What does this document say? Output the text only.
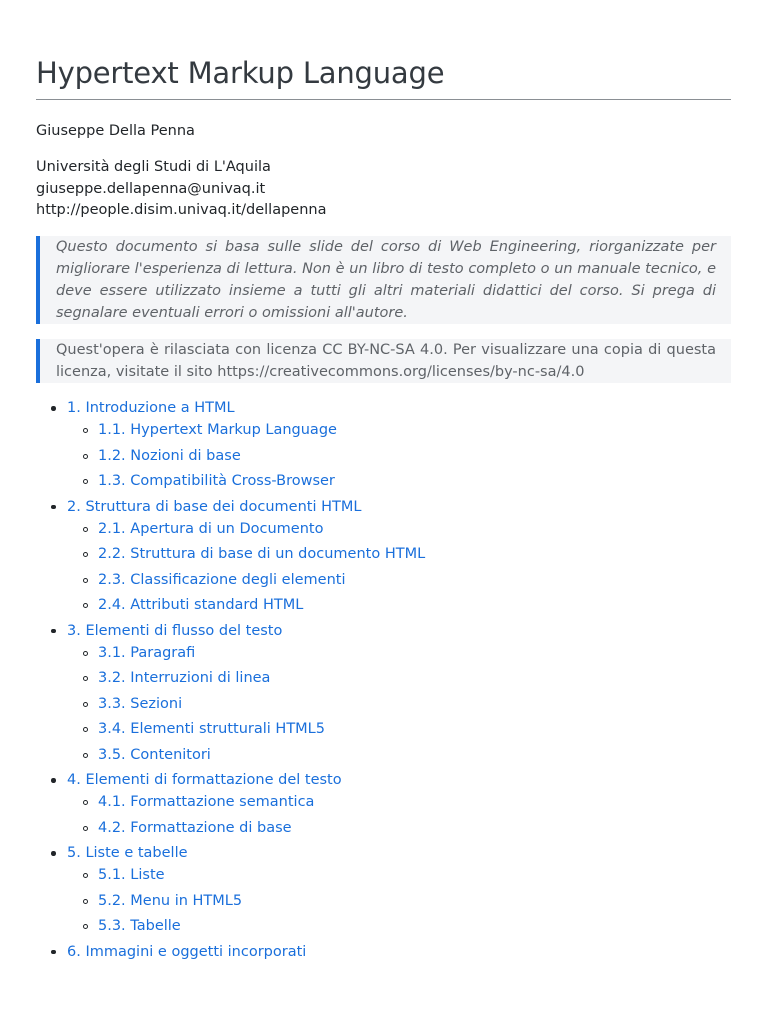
Hypertext Markup Language
Giuseppe Della Penna
Università degli Studi di L'Aquila
giuseppe.dellapenna@univaq.it
http://people.disim.univaq.it/dellapenna
Questo documento si basa sulle slide del corso di Web Engineering, riorganizzate per migliorare l'esperienza di lettura. Non è un libro di testo completo o un manuale tecnico, e deve essere utilizzato insieme a tutti gli altri materiali didattici del corso. Si prega di segnalare eventuali errori o omissioni all'autore.
Quest'opera è rilasciata con licenza CC BY-NC-SA 4.0. Per visualizzare una copia di questa licenza, visitate il sito https://creativecommons.org/licenses/by-nc-sa/4.0
1. Introduzione a HTML
1.1. Hypertext Markup Language
1.2. Nozioni di base
1.3. Compatibilità Cross-Browser
2. Struttura di base dei documenti HTML
2.1. Apertura di un Documento
2.2. Struttura di base di un documento HTML
2.3. Classificazione degli elementi
2.4. Attributi standard HTML
3. Elementi di flusso del testo
3.1. Paragrafi
3.2. Interruzioni di linea
3.3. Sezioni
3.4. Elementi strutturali HTML5
3.5. Contenitori
4. Elementi di formattazione del testo
4.1. Formattazione semantica
4.2. Formattazione di base
5. Liste e tabelle
5.1. Liste
5.2. Menu in HTML5
5.3. Tabelle
6. Immagini e oggetti incorporati
